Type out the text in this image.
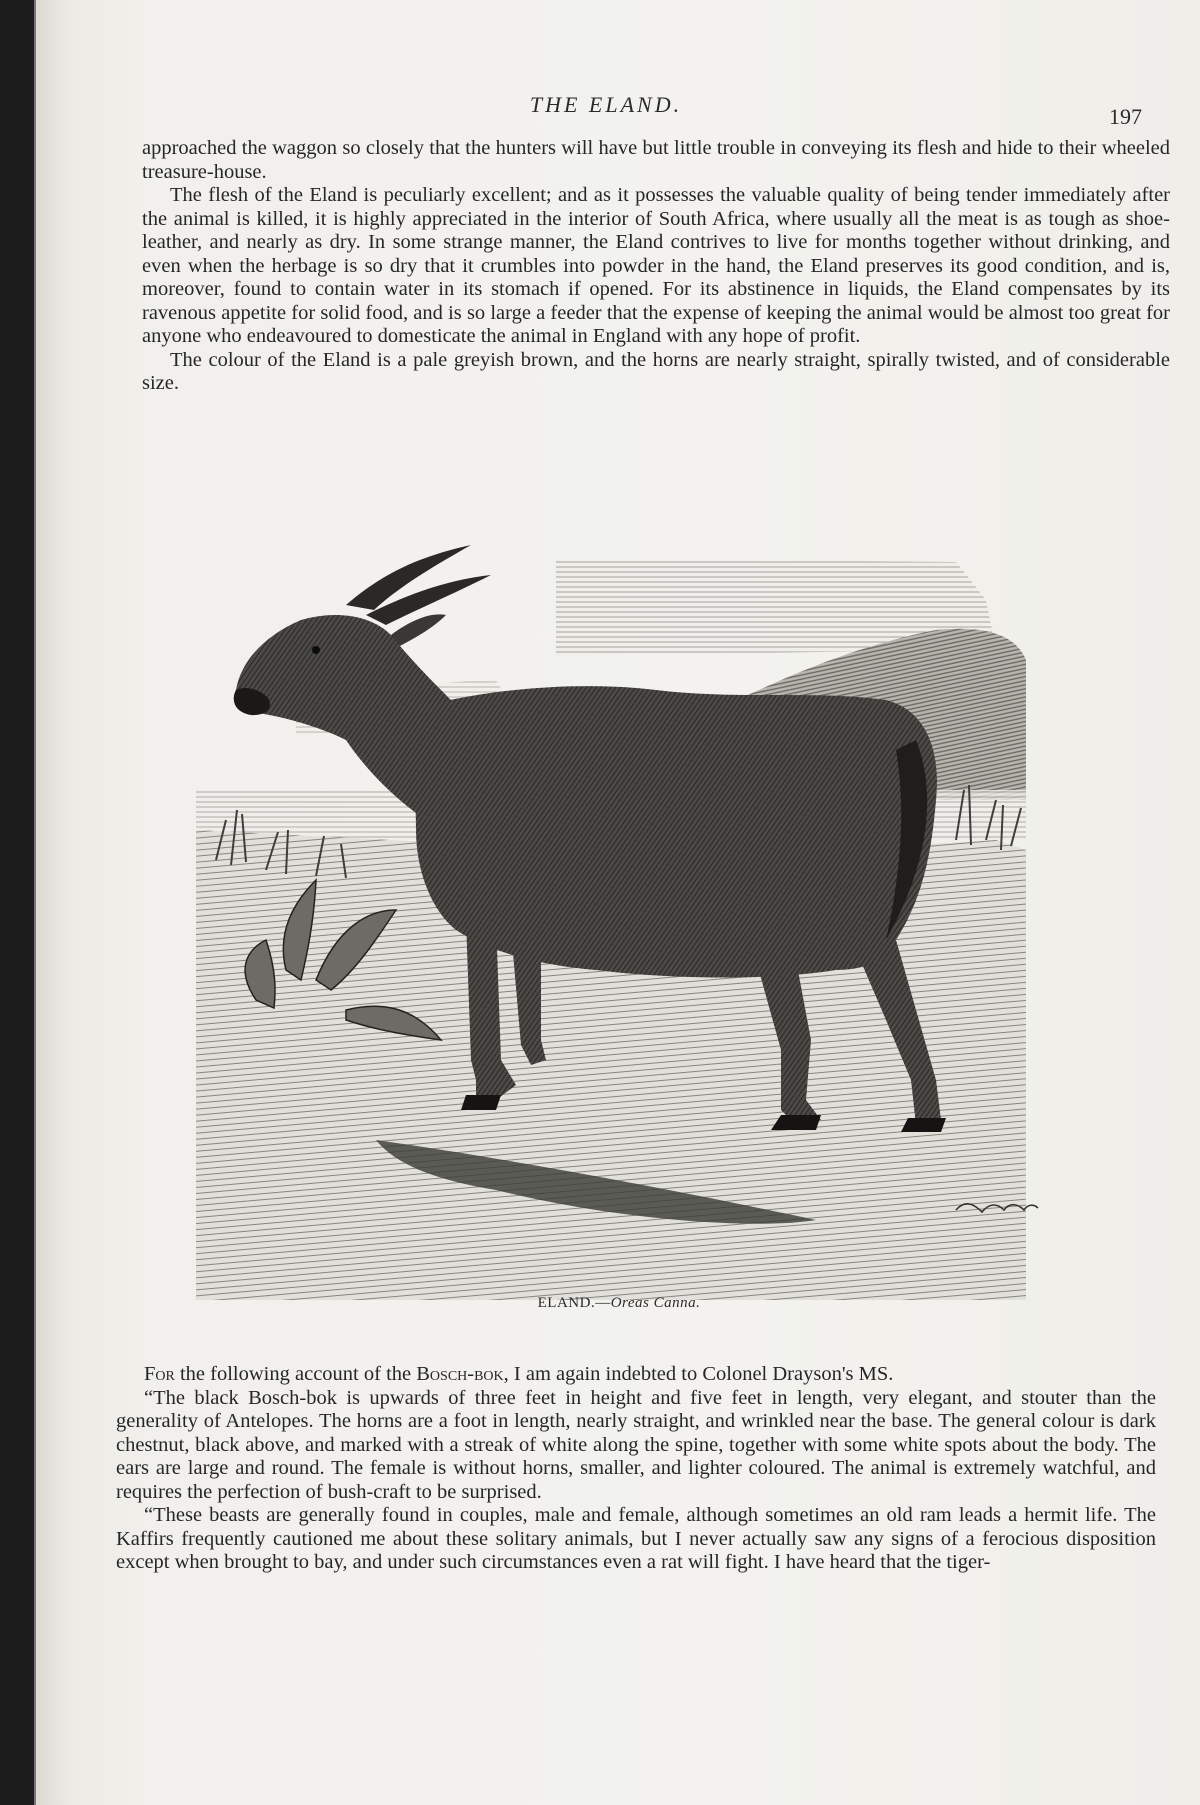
THE ELAND.	197

approached the waggon so closely that the hunters will have but little trouble in conveying its flesh and hide to their wheeled treasure-house.

The flesh of the Eland is peculiarly excellent; and as it possesses the valuable quality of being tender immediately after the animal is killed, it is highly appreciated in the interior of South Africa, where usually all the meat is as tough as shoe-leather, and nearly as dry. In some strange manner, the Eland contrives to live for months together without drinking, and even when the herbage is so dry that it crumbles into powder in the hand, the Eland preserves its good condition, and is, moreover, found to contain water in its stomach if opened. For its abstinence in liquids, the Eland compensates by its ravenous appetite for solid food, and is so large a feeder that the expense of keeping the animal would be almost too great for anyone who endeavoured to domesticate the animal in England with any hope of profit.

The colour of the Eland is a pale greyish brown, and the horns are nearly straight, spirally twisted, and of considerable size.

ELAND.—Oreas Canna.

For the following account of the Bosch-bok, I am again indebted to Colonel Drayson's MS.

“The black Bosch-bok is upwards of three feet in height and five feet in length, very elegant, and stouter than the generality of Antelopes. The horns are a foot in length, nearly straight, and wrinkled near the base. The general colour is dark chestnut, black above, and marked with a streak of white along the spine, together with some white spots about the body. The ears are large and round. The female is without horns, smaller, and lighter coloured. The animal is extremely watchful, and requires the perfection of bush-craft to be surprised.

“These beasts are generally found in couples, male and female, although sometimes an old ram leads a hermit life. The Kaffirs frequently cautioned me about these solitary animals, but I never actually saw any signs of a ferocious disposition except when brought to bay, and under such circumstances even a rat will fight. I have heard that the tiger-
